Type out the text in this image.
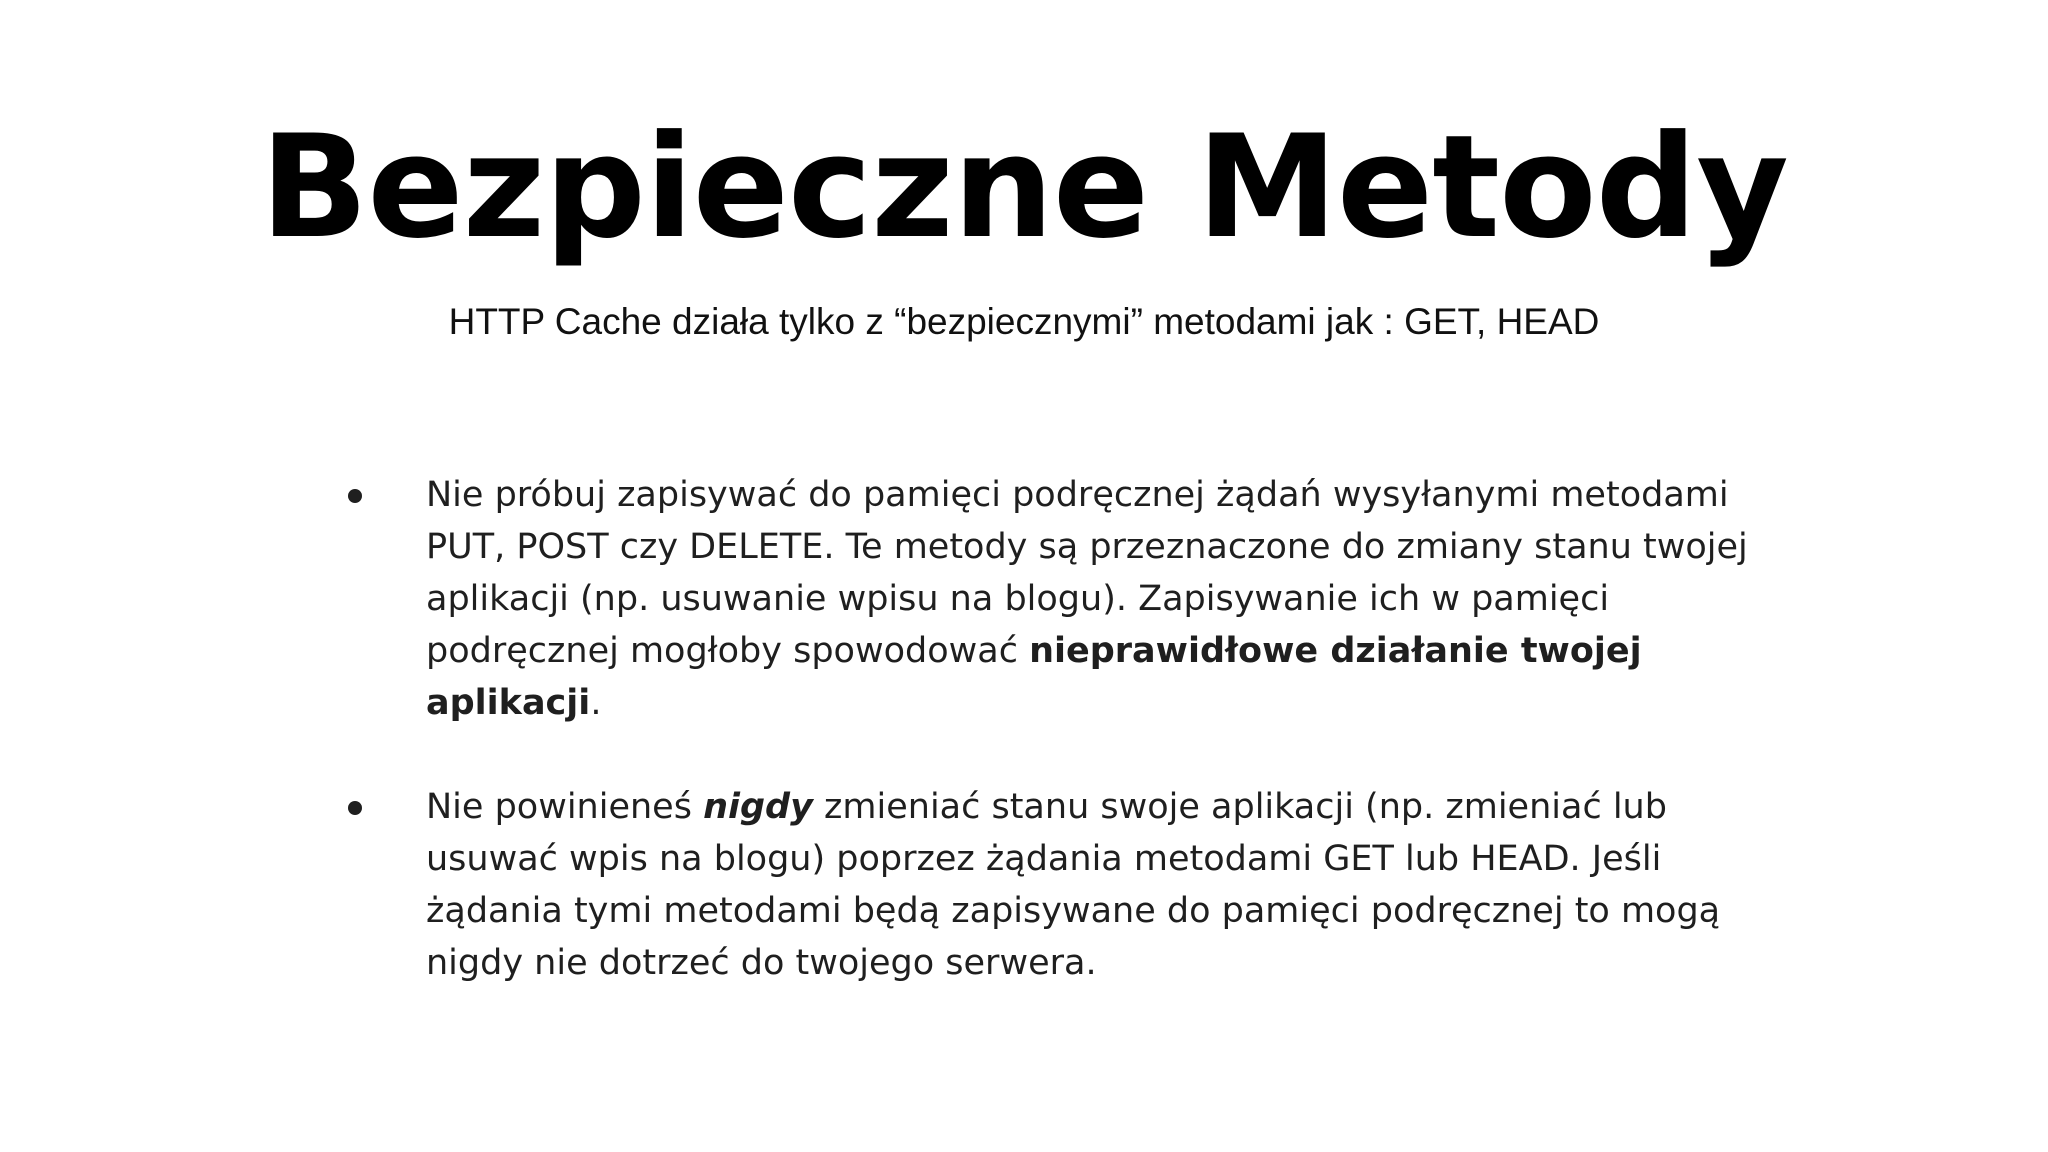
Bezpieczne Metody
HTTP Cache działa tylko z “bezpiecznymi” metodami jak : GET, HEAD
Nie próbuj zapisywać do pamięci podręcznej żądań wysyłanymi metodami
PUT, POST czy DELETE. Te metody są przeznaczone do zmiany stanu twojej
aplikacji (np. usuwanie wpisu na blogu). Zapisywanie ich w pamięci
podręcznej mogłoby spowodować nieprawidłowe działanie twojej
aplikacji.
Nie powinieneś nigdy zmieniać stanu swoje aplikacji (np. zmieniać lub
usuwać wpis na blogu) poprzez żądania metodami GET lub HEAD. Jeśli
żądania tymi metodami będą zapisywane do pamięci podręcznej to mogą
nigdy nie dotrzeć do twojego serwera.
